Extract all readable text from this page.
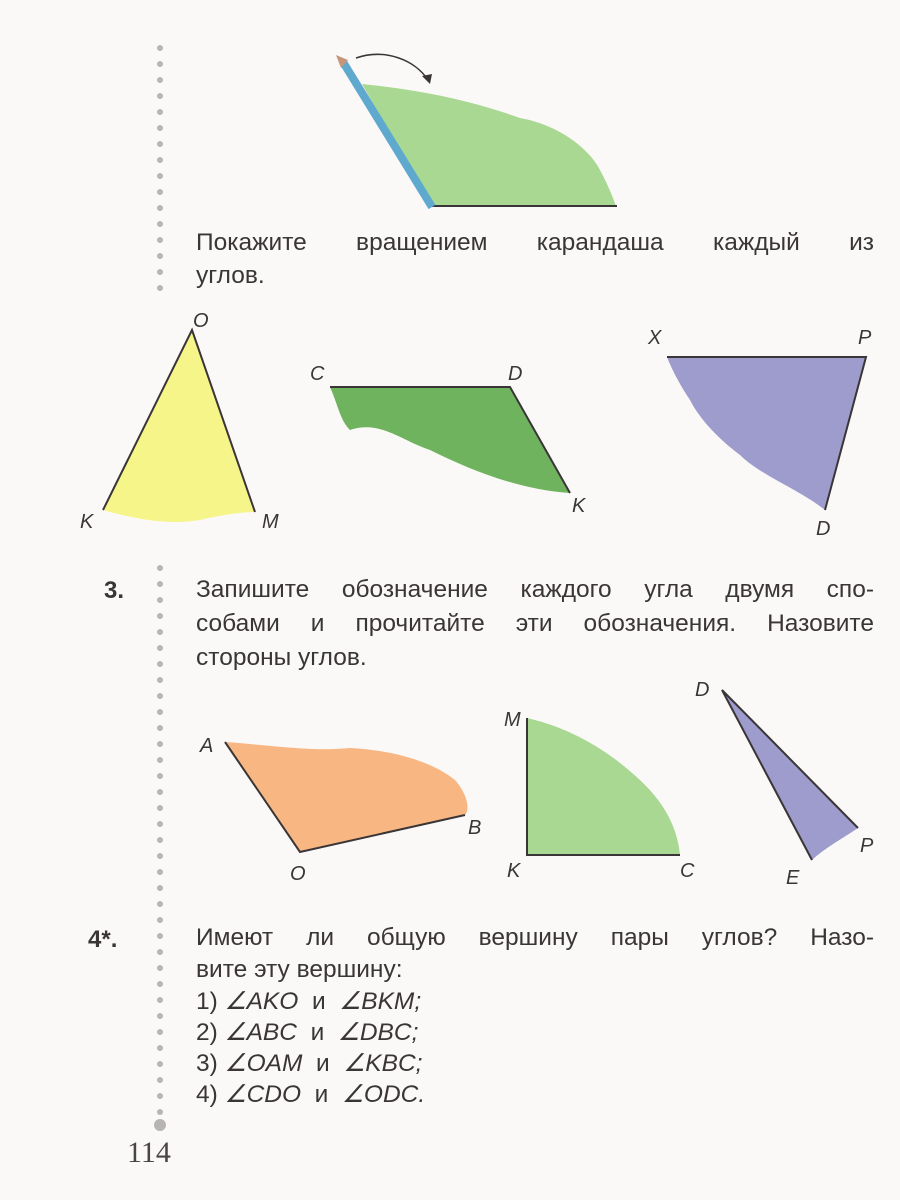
O
K	M
C	D
K
X	P
D
A
O
B
M
K	C
D
P
E
Покажите вращением карандаша каждый из
углов.
3.	Запишите обозначение каждого угла двумя спо-
собами и прочитайте эти обозначения. Назовите
стороны углов.
4*.	Имеют ли общую вершину пары углов? Назо-
вите эту вершину:
1) ∠AKO и ∠BKM;
2) ∠ABC и ∠DBC;
3) ∠OAM и ∠KBC;
4) ∠CDO и ∠ODC.
114
